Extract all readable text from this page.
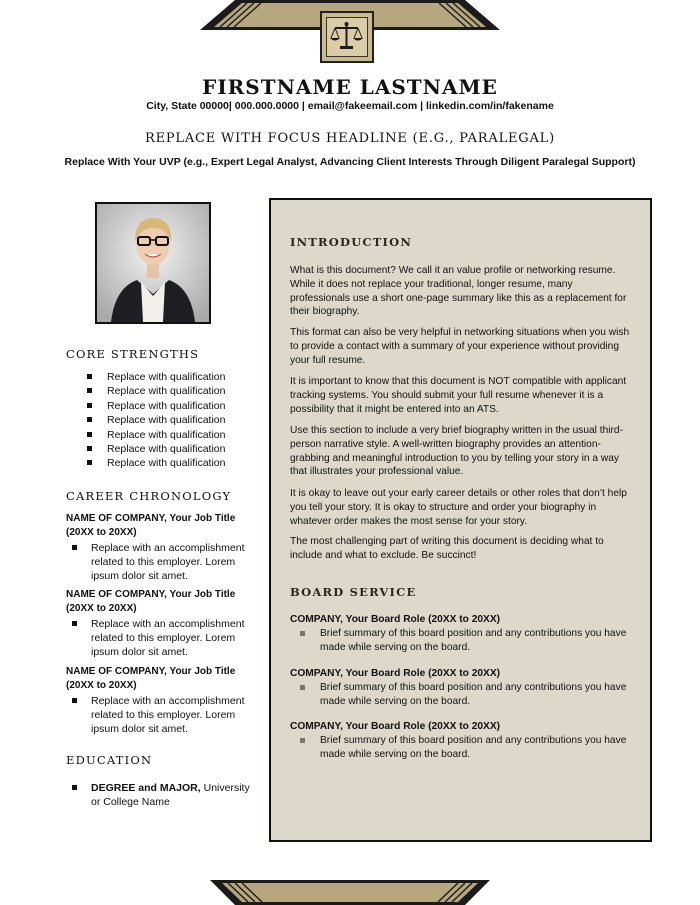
FIRSTNAME LASTNAME
City, State 00000| 000.000.0000 | email@fakeemail.com | linkedin.com/in/fakename
REPLACE WITH FOCUS HEADLINE (E.G., PARALEGAL)
Replace With Your UVP (e.g., Expert Legal Analyst, Advancing Client Interests Through Diligent Paralegal Support)
CORE STRENGTHS
Replace with qualification
Replace with qualification
Replace with qualification
Replace with qualification
Replace with qualification
Replace with qualification
Replace with qualification
CAREER CHRONOLOGY
NAME OF COMPANY, Your Job Title (20XX to 20XX)
Replace with an accomplishment related to this employer. Lorem ipsum dolor sit amet.
NAME OF COMPANY, Your Job Title (20XX to 20XX)
Replace with an accomplishment related to this employer. Lorem ipsum dolor sit amet.
NAME OF COMPANY, Your Job Title (20XX to 20XX)
Replace with an accomplishment related to this employer. Lorem ipsum dolor sit amet.
EDUCATION
DEGREE and MAJOR, University or College Name
INTRODUCTION

What is this document? We call it an value profile or networking resume. While it does not replace your traditional, longer resume, many professionals use a short one-page summary like this as a replacement for their biography.

This format can also be very helpful in networking situations when you wish to provide a contact with a summary of your experience without providing your full resume.

It is important to know that this document is NOT compatible with applicant tracking systems. You should submit your full resume whenever it is a possibility that it might be entered into an ATS.

Use this section to include a very brief biography written in the usual third-person narrative style. A well-written biography provides an attention-grabbing and meaningful introduction to you by telling your story in a way that illustrates your professional value.

It is okay to leave out your early career details or other roles that don’t help you tell your story. It is okay to structure and order your biography in whatever order makes the most sense for your story.

The most challenging part of writing this document is deciding what to include and what to exclude. Be succinct!

BOARD SERVICE
COMPANY, Your Board Role (20XX to 20XX)
Brief summary of this board position and any contributions you have made while serving on the board.
COMPANY, Your Board Role (20XX to 20XX)
Brief summary of this board position and any contributions you have made while serving on the board.
COMPANY, Your Board Role (20XX to 20XX)
Brief summary of this board position and any contributions you have made while serving on the board.
